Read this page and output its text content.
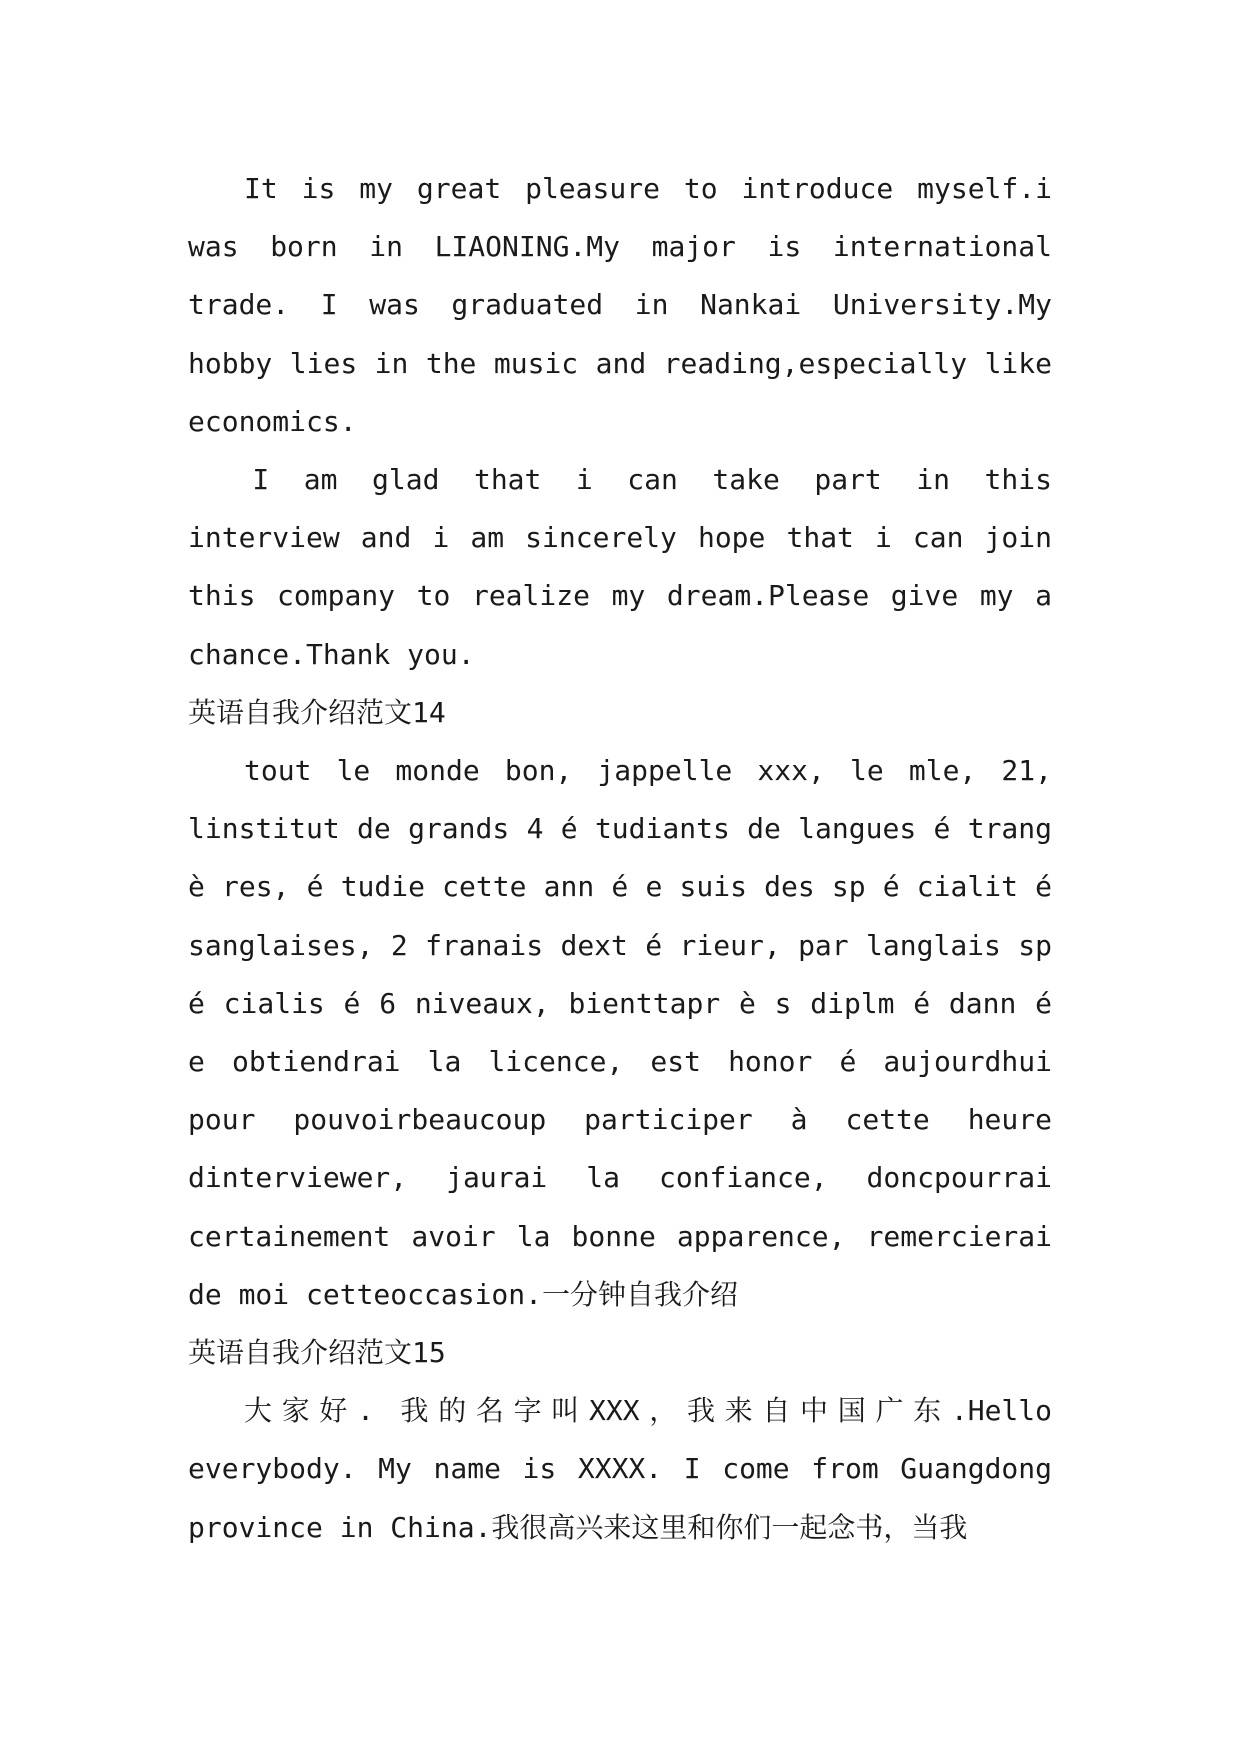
It is my great pleasure to introduce myself.i was born in LIAONING.My major is international trade. I was graduated in Nankai University.My hobby lies in the music and reading,especially like economics.

I am glad that i can take part in this interview and i am sincerely hope that i can join this company to realize my dream.Please give my a chance.Thank you.

英语自我介绍范文14

tout le monde bon, jappelle xxx, le mle, 21, linstitut de grands 4 é tudiants de langues é trang è res, é tudie cette ann é e suis des sp é cialit é sanglaises, 2 franais dext é rieur, par langlais sp é cialis é 6 niveaux, bienttapr è s diplm é dann é e obtiendrai la licence, est honor é aujourdhui pour pouvoirbeaucoup participer à cette heure dinterviewer, jaurai la confiance, doncpourrai certainement avoir la bonne apparence, remercierai de moi cetteoccasion.一分钟自我介绍

英语自我介绍范文15

大家好. 我的名字叫XXX，我来自中国广东.Hello everybody. My name is XXXX. I come from Guangdong province in China.我很高兴来这里和你们一起念书，当我
